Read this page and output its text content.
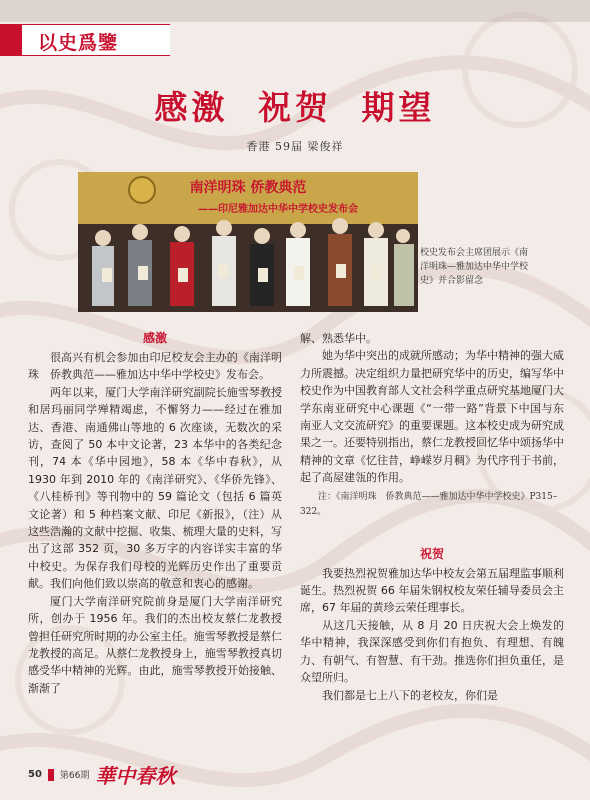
以史爲鑒
感激 祝贺 期望
香港 59届 梁俊祥
南洋明珠 侨教典范
——印尼雅加达中华中学校史发布会
校史发布会主席团展示《南洋明珠—雅加达中华中学校史》并合影留念
感激

很高兴有机会参加由印尼校友会主办的《南洋明珠　侨教典范——雅加达中华中学校史》发布会。

两年以来，厦门大学南洋研究副院长施雪琴教授和居玛丽同学殚精竭虑，不懈努力——经过在雅加达、香港、南通佛山等地的 6 次座谈，无数次的采访，查阅了 50 本中文论著，23 本华中的各类纪念刊，74 本《华中园地》，58 本《华中春秋》，从 1930 年到 2010 年的《南洋研究》、《华侨先锋》、《八桂桥刊》等刊物中的 59 篇论文（包括 6 篇英文论著）和 5 种档案文献、印尼《新报》，（注）从这些浩瀚的文献中挖掘、收集、梳理大量的史料，写出了这部 352 页，30 多万字的内容详实丰富的华中校史。为保存我们母校的光辉历史作出了重要贡献。我们向他们致以崇高的敬意和衷心的感谢。

厦门大学南洋研究院前身是厦门大学南洋研究所，创办于 1956 年。我们的杰出校友蔡仁龙教授曾担任研究所时期的办公室主任。施雪琴教授是蔡仁龙教授的高足。从蔡仁龙教授身上，施雪琴教授真切感受华中精神的光辉。由此，施雪琴教授开始接触、渐渐了

解、熟悉华中。

她为华中突出的成就所感动；为华中精神的强大威力所震撼。决定组织力量把研究华中的历史，编写华中校史作为中国教育部人文社会科学重点研究基地厦门大学东南亚研究中心课题《“一带一路”背景下中国与东南亚人文交流研究》的重要课题。这本校史成为研究成果之一。还要特别指出，蔡仁龙教授回忆华中颂扬华中精神的文章《忆往昔，峥嵘岁月稠》为代序刊于书前，起了高屋建瓴的作用。

注：《南洋明珠　侨教典范——雅加达中华中学校史》P315–322。
祝贺

我要热烈祝贺雅加达华中校友会第五届理监事顺利诞生。热烈祝贺 66 年届朱钢权校友荣任辅导委员会主席，67 年届的黄珍云荣任理事长。

从这几天接触，从 8 月 20 日庆祝大会上焕发的华中精神，我深深感受到你们有抱负、有理想、有魄力、有朝气、有智慧、有干劲。推选你们担负重任，是众望所归。

我们都是七上八下的老校友，你们是

50 第66期 華中春秋
